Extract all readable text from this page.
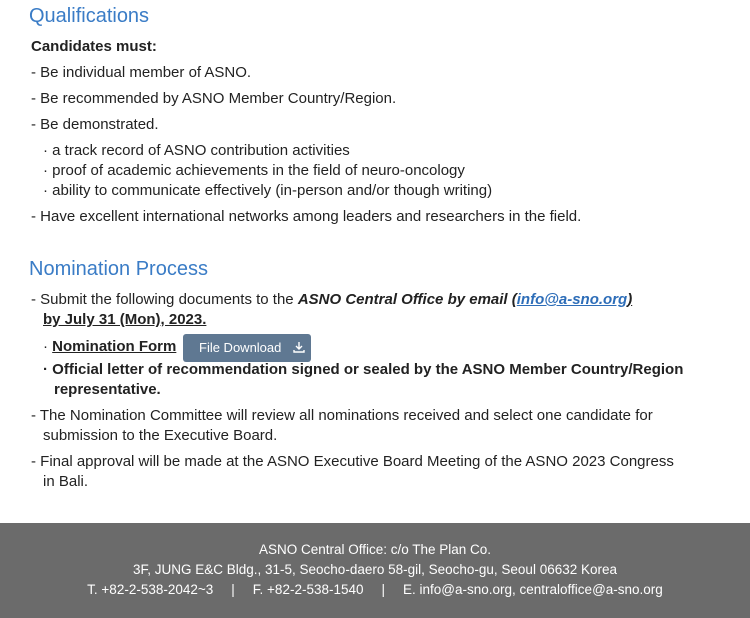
Qualifications
Candidates must:
- Be individual member of ASNO.
- Be recommended by ASNO Member Country/Region.
- Be demonstrated.
· a track record of ASNO contribution activities
· proof of academic achievements in the field of neuro-oncology
· ability to communicate effectively (in-person and/or though writing)
- Have excellent international networks among leaders and researchers in the field.
Nomination Process
- Submit the following documents to the ASNO Central Office by email (info@a-sno.org)
by July 31 (Mon), 2023.
· Nomination Form	File Download
· Official letter of recommendation signed or sealed by the ASNO Member Country/Region
representative.
- The Nomination Committee will review all nominations received and select one candidate for
submission to the Executive Board.
- Final approval will be made at the ASNO Executive Board Meeting of the ASNO 2023 Congress
in Bali.
ASNO Central Office: c/o The Plan Co.
3F, JUNG E&C Bldg., 31-5, Seocho-daero 58-gil, Seocho-gu, Seoul 06632 Korea
T. +82-2-538-2042~3 | F. +82-2-538-1540 | E. info@a-sno.org, centraloffice@a-sno.org
